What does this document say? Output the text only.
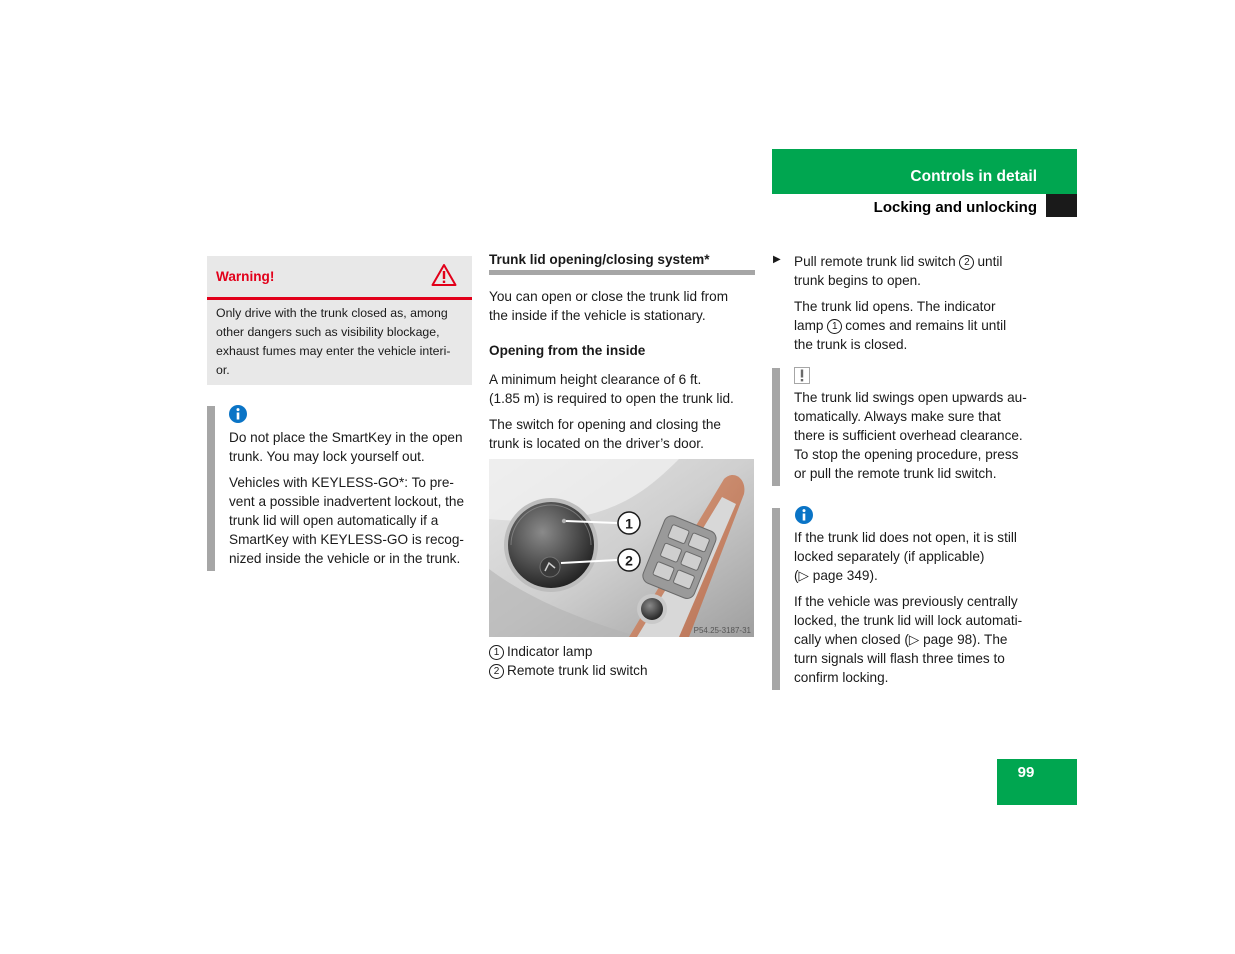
Controls in detail
Locking and unlocking
Warning!
Only drive with the trunk closed as, among
other dangers such as visibility blockage,
exhaust fumes may enter the vehicle interi-
or.
Do not place the SmartKey in the open
trunk. You may lock yourself out.
Vehicles with KEYLESS-GO*: To pre-
vent a possible inadvertent lockout, the
trunk lid will open automatically if a
SmartKey with KEYLESS-GO is recog-
nized inside the vehicle or in the trunk.
Trunk lid opening/closing system*
You can open or close the trunk lid from
the inside if the vehicle is stationary.
Opening from the inside
A minimum height clearance of 6 ft.
(1.85 m) is required to open the trunk lid.
The switch for opening and closing the
trunk is located on the driver’s door.
1
2
P54.25-3187-31
1 Indicator lamp
2 Remote trunk lid switch
▶ Pull remote trunk lid switch 2 until
trunk begins to open.
The trunk lid opens. The indicator
lamp 1 comes and remains lit until
the trunk is closed.
The trunk lid swings open upwards au-
tomatically. Always make sure that
there is sufficient overhead clearance.
To stop the opening procedure, press
or pull the remote trunk lid switch.
If the trunk lid does not open, it is still
locked separately (if applicable)
(▷ page 349).
If the vehicle was previously centrally
locked, the trunk lid will lock automati-
cally when closed (▷ page 98). The
turn signals will flash three times to
confirm locking.
99
